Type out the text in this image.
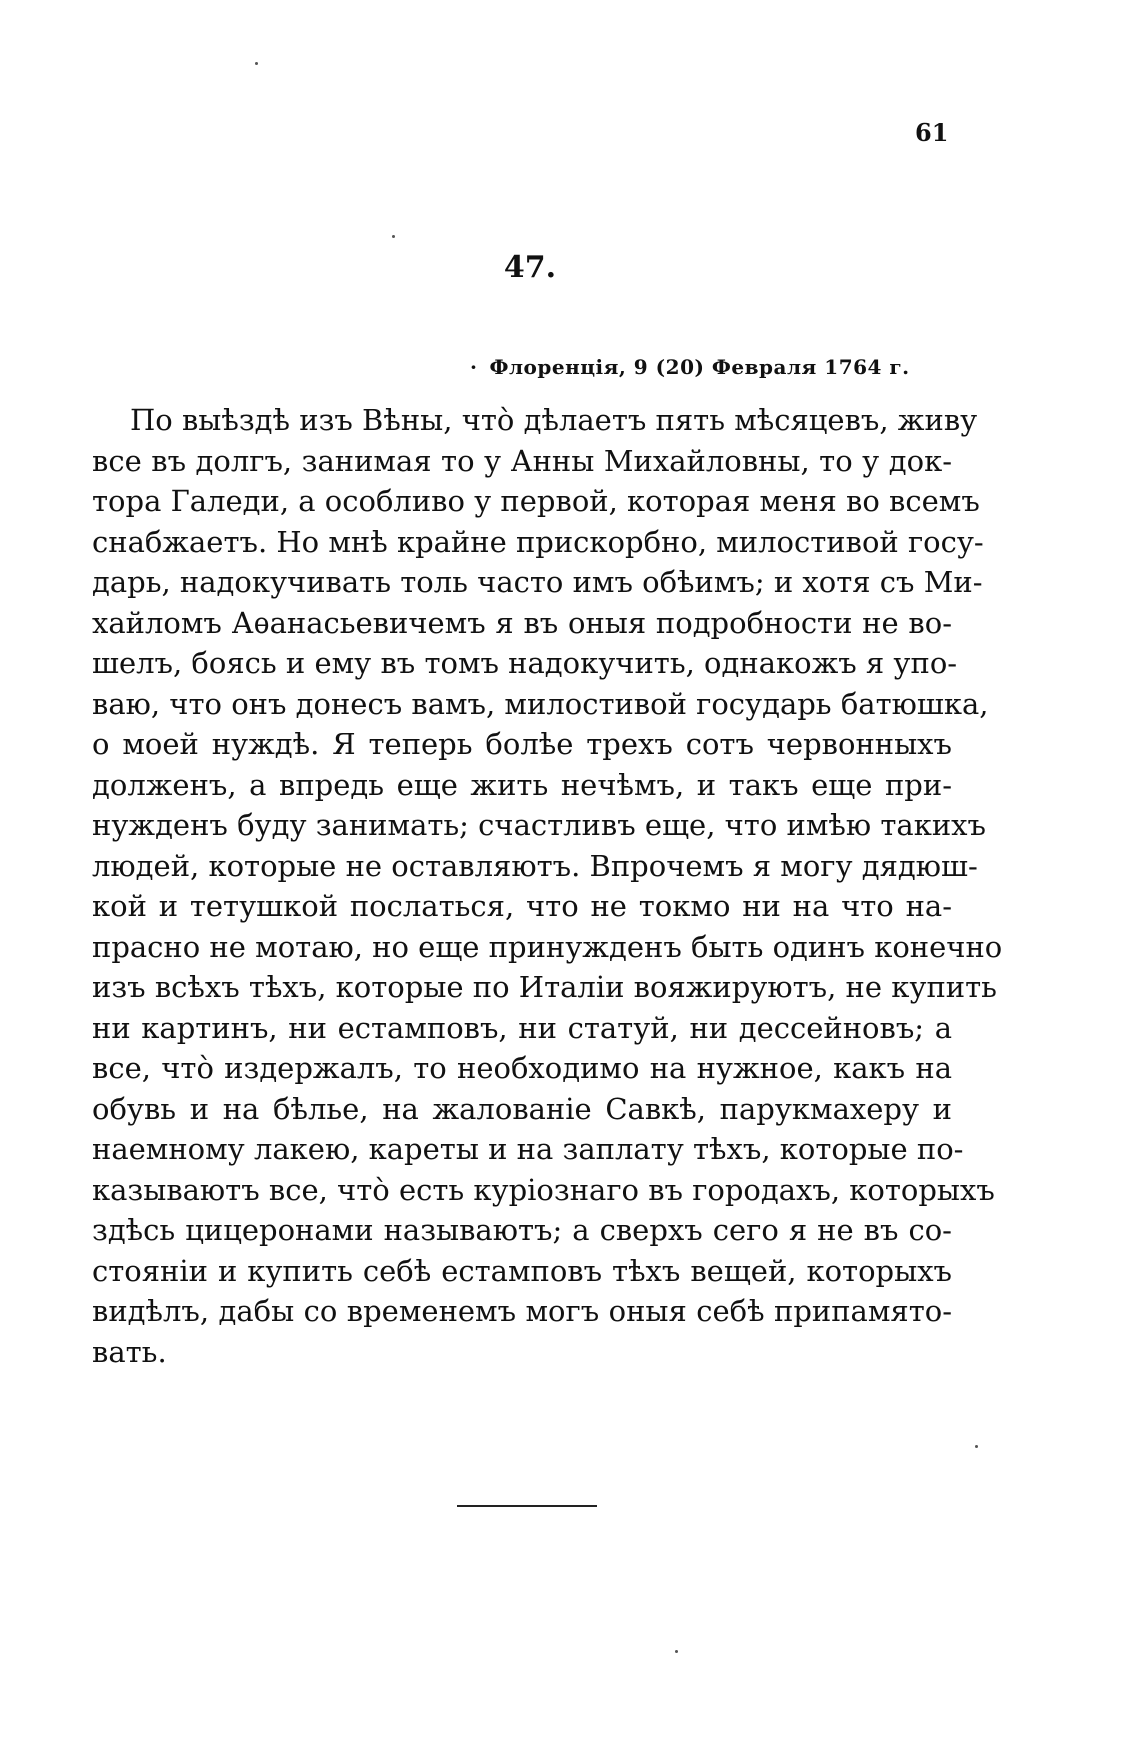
61
47.
· Флоренція, 9 (20) Февраля 1764 г.
По выѣздѣ изъ Вѣны, что̀ дѣлаетъ пять мѣсяцевъ, живу
все въ долгъ, занимая то у Анны Михайловны, то у док-
тора Галеди, а особливо у первой, которая меня во всемъ
снабжаетъ. Но мнѣ крайне прискорбно, милостивой госу-
дарь, надокучивать толь часто имъ обѣимъ; и хотя съ Ми-
хайломъ Аѳанасьевичемъ я въ оныя подробности не во-
шелъ, боясь и ему въ томъ надокучить, однакожъ я упо-
ваю, что онъ донесъ вамъ, милостивой государь батюшка,
о моей нуждѣ. Я теперь болѣе трехъ сотъ червонныхъ
долженъ, а впредь еще жить нечѣмъ, и такъ еще при-
нужденъ буду занимать; счастливъ еще, что имѣю такихъ
людей, которые не оставляютъ. Впрочемъ я могу дядюш-
кой и тетушкой послаться, что не токмо ни на что на-
прасно не мотаю, но еще принужденъ быть одинъ конечно
изъ всѣхъ тѣхъ, которые по Италіи вояжируютъ, не купить
ни картинъ, ни естамповъ, ни статуй, ни дессейновъ; а
все, что̀ издержалъ, то необходимо на нужное, какъ на
обувь и на бѣлье, на жалованіе Савкѣ, парукмахеру и
наемному лакею, кареты и на заплату тѣхъ, которые по-
казываютъ все, что̀ есть куріознаго въ городахъ, которыхъ
здѣсь цицеронами называютъ; а сверхъ сего я не въ со-
стояніи и купить себѣ естамповъ тѣхъ вещей, которыхъ
видѣлъ, дабы со временемъ могъ оныя себѣ припамято-
вать.
